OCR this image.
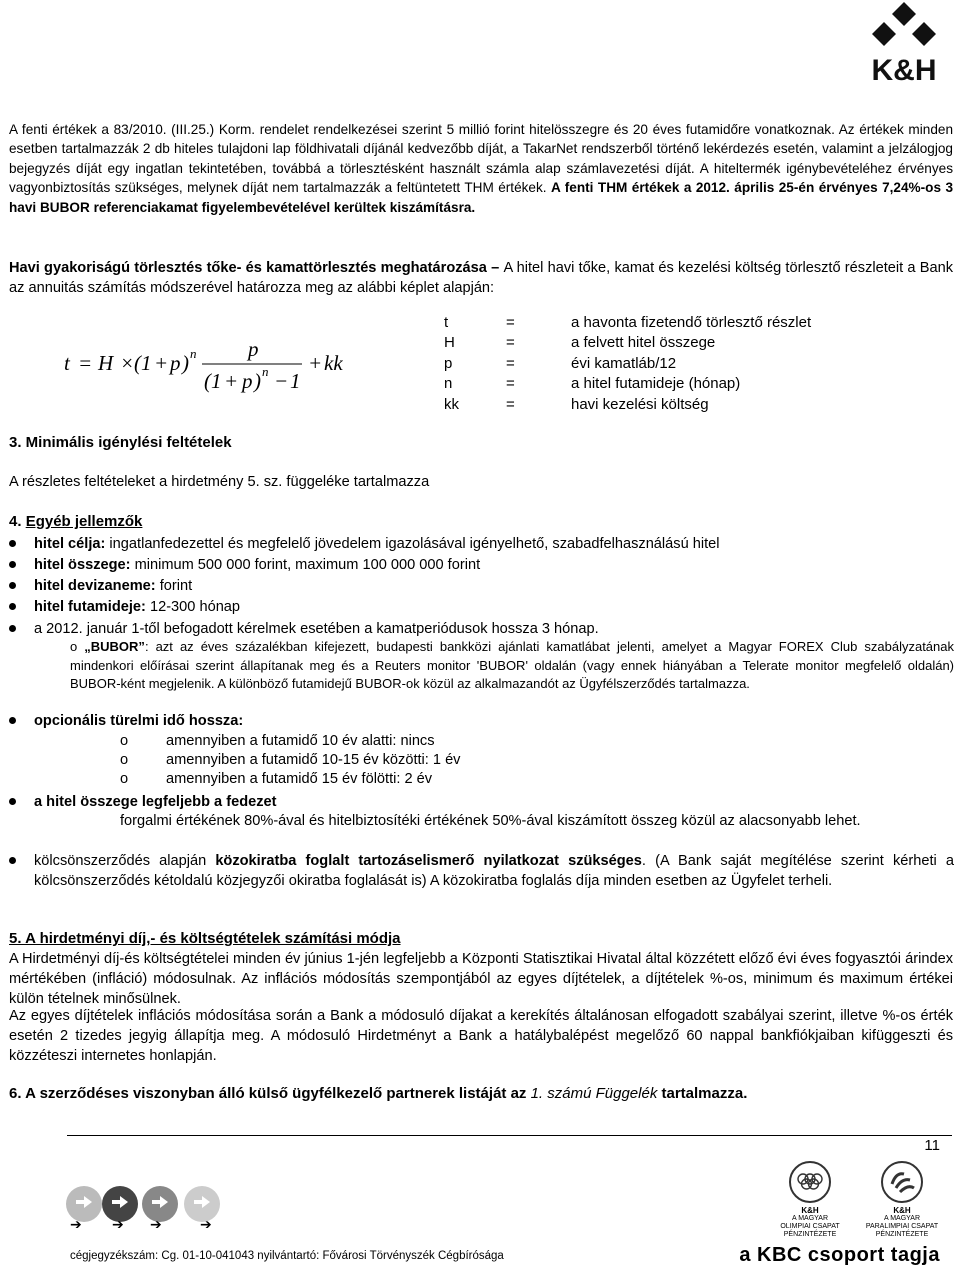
K&H
A fenti értékek a 83/2010. (III.25.) Korm. rendelet rendelkezései szerint 5 millió forint hitelösszegre és 20 éves futamidőre vonatkoznak. Az értékek minden esetben tartalmazzák 2 db hiteles tulajdoni lap földhivatali díjánál kedvezőbb díját, a TakarNet rendszerből történő lekérdezés esetén, valamint a jelzálogjog bejegyzés díját egy ingatlan tekintetében, továbbá a törlesztésként használt számla alap számlavezetési díját. A hiteltermék igénybevételéhez érvényes vagyonbiztosítás szükséges, melynek díját nem tartalmazzák a feltüntetett THM értékek. A fenti THM értékek a 2012. április 25-én érvényes 7,24%-os 3 havi BUBOR referenciakamat figyelembevételével kerültek kiszámításra.
Havi gyakoriságú törlesztés tőke- és kamattörlesztés meghatározása – A hitel havi tőke, kamat és kezelési költség törlesztő részleteit a Bank az annuitás számítás módszerével határozza meg az alábbi képlet alapján:
t = H × (1 + p ) n p
(1 + p ) n − 1
+ kk
t	=	a havonta fizetendő törlesztő részlet
H	=	a felvett hitel összege
p	=	évi kamatláb/12
n	=	a hitel futamideje (hónap)
kk	=	havi kezelési költség
3. Minimális igénylési feltételek
A részletes feltételeket a hirdetmény 5. sz. függeléke tartalmazza
4. Egyéb jellemzők
hitel célja: ingatlanfedezettel és megfelelő jövedelem igazolásával igényelhető, szabadfelhasználású hitel
hitel összege: minimum 500 000 forint, maximum 100 000 000 forint
hitel devizaneme: forint
hitel futamideje: 12-300 hónap
a 2012. január 1-től befogadott kérelmek esetében a kamatperiódusok hossza 3 hónap.
o „BUBOR”: azt az éves százalékban kifejezett, budapesti bankközi ajánlati kamatlábat jelenti, amelyet a Magyar FOREX Club szabályzatának mindenkori előírásai szerint állapítanak meg és a Reuters monitor 'BUBOR' oldalán (vagy ennek hiányában a Telerate monitor megfelelő oldalán) BUBOR-ként megjelenik. A különböző futamidejű BUBOR-ok közül az alkalmazandót az Ügyfélszerződés tartalmazza.
opcionális türelmi idő hossza:
o	amennyiben a futamidő 10 év alatti: nincs
o	amennyiben a futamidő 10-15 év közötti: 1 év
o	amennyiben a futamidő 15 év fölötti: 2 év
a hitel összege legfeljebb a fedezet
forgalmi értékének 80%-ával és hitelbiztosítéki értékének 50%-ával kiszámított összeg közül az alacsonyabb lehet.
kölcsönszerződés alapján közokiratba foglalt tartozáselismerő nyilatkozat szükséges. (A Bank saját megítélése szerint kérheti a kölcsönszerződés kétoldalú közjegyzői okiratba foglalását is) A közokiratba foglalás díja minden esetben az Ügyfelet terheli.
5. A hirdetményi díj,- és költségtételek számítási módja
A Hirdetményi díj-és költségtételei minden év június 1-jén legfeljebb a Központi Statisztikai Hivatal által közzétett előző évi éves fogyasztói árindex mértékében (infláció) módosulnak. Az inflációs módosítás szempontjából az egyes díjtételek, a díjtételek %-os, minimum és maximum értékei külön tételnek minősülnek.
Az egyes díjtételek inflációs módosítása során a Bank a módosuló díjakat a kerekítés általánosan elfogadott szabályai szerint, illetve %-os érték esetén 2 tizedes jegyig állapítja meg. A módosuló Hirdetményt a Bank a hatálybalépést megelőző 60 nappal bankfiókjaiban kifüggeszti és közzéteszi internetes honlapján.
6. A szerződéses viszonyban álló külső ügyfélkezelő partnerek listáját az 1. számú Függelék tartalmazza.
11
➔ ➔ ➔	➔
K&H
A MAGYAR
OLIMPIAI CSAPAT
PÉNZINTÉZETE
K&H
A MAGYAR
PARALIMPIAI CSAPAT
PÉNZINTÉZETE
cégjegyzékszám: Cg. 01-10-041043 nyilvántartó: Fővárosi Törvényszék Cégbírósága	a KBC csoport tagja
